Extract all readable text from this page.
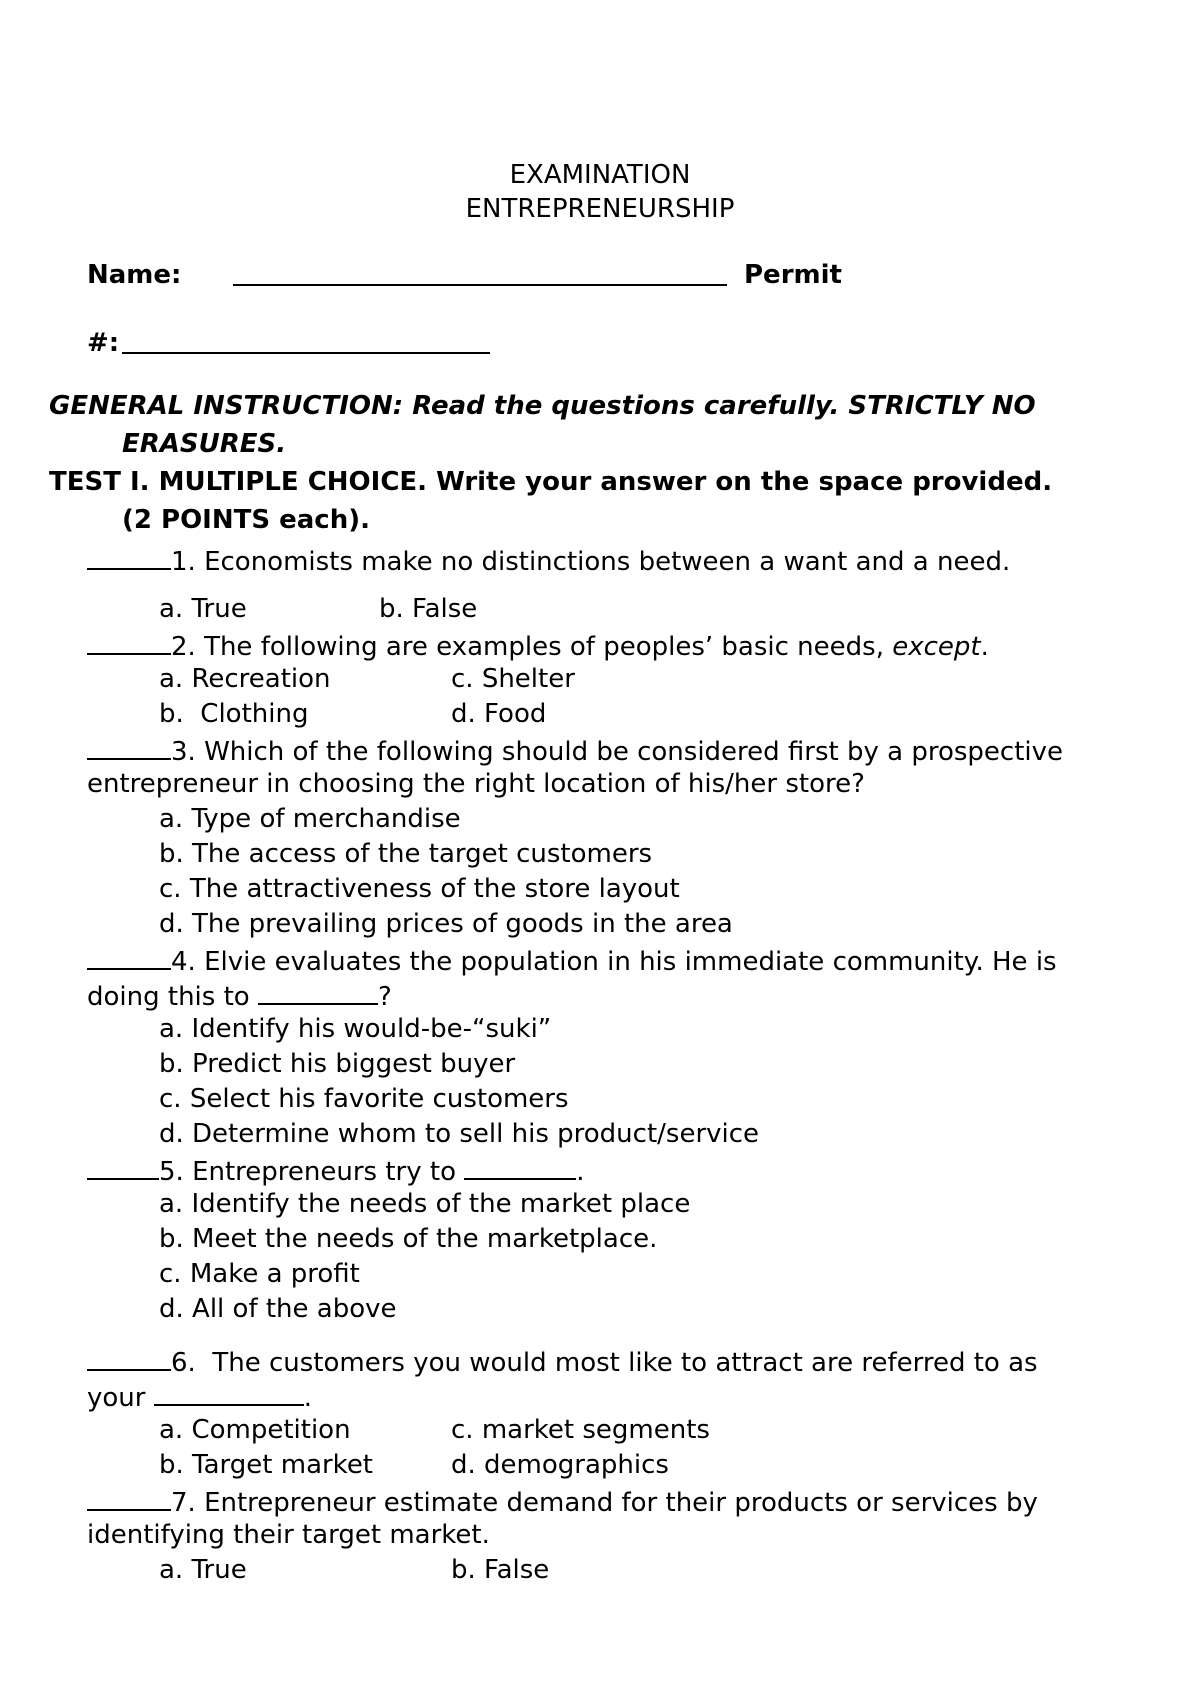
EXAMINATION
ENTREPRENEURSHIP
Name:	Permit
#:
GENERAL INSTRUCTION: Read the questions carefully. STRICTLY NO
ERASURES.
TEST I. MULTIPLE CHOICE. Write your answer on the space provided.
(2 POINTS each).
1. Economists make no distinctions between a want and a need.
a. True	b. False
2. The following are examples of peoples’ basic needs, except.
a. Recreation	c. Shelter
b.  Clothing	d. Food
3. Which of the following should be considered first by a prospective
entrepreneur in choosing the right location of his/her store?
a. Type of merchandise
b. The access of the target customers
c. The attractiveness of the store layout
d. The prevailing prices of goods in the area
4. Elvie evaluates the population in his immediate community. He is
doing this to	?
a. Identify his would-be-“suki”
b. Predict his biggest buyer
c. Select his favorite customers
d. Determine whom to sell his product/service
5. Entrepreneurs try to	.
a. Identify the needs of the market place
b. Meet the needs of the marketplace.
c. Make a profit
d. All of the above
6.  The customers you would most like to attract are referred to as
your	.
a. Competition	c. market segments
b. Target market	d. demographics
7. Entrepreneur estimate demand for their products or services by
identifying their target market.
a. True	b. False
